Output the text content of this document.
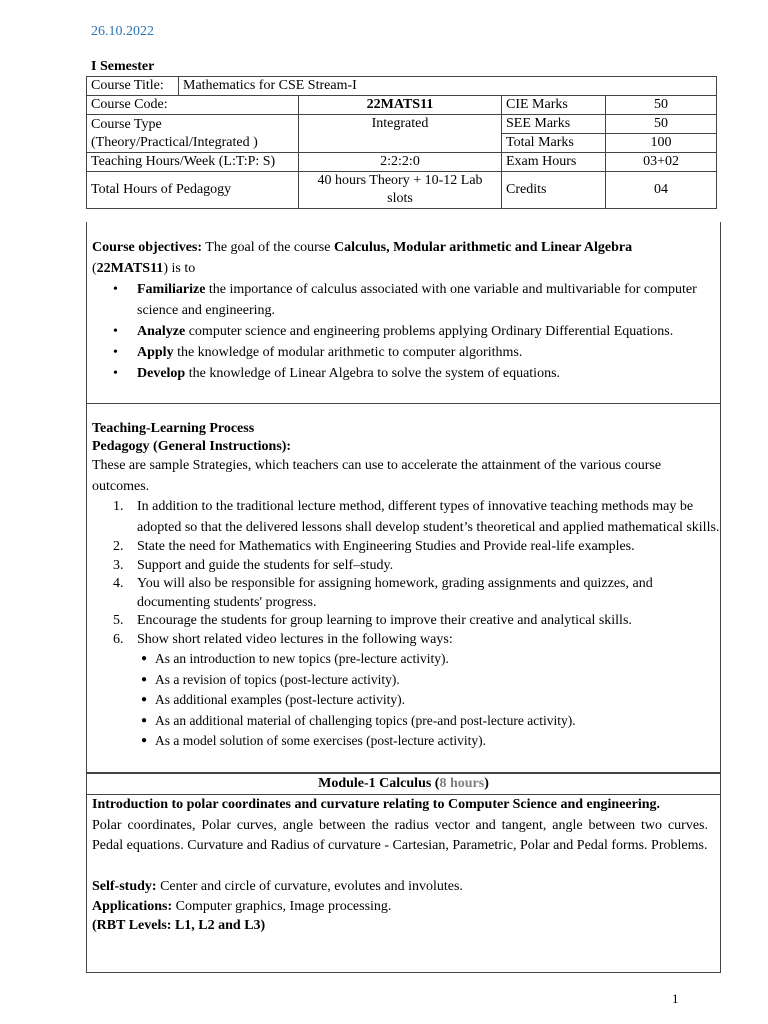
26.10.2022
I Semester
Course Title:	Mathematics for CSE Stream-I			
Course Code:		22MATS11	CIE Marks	50
Course Type (Theory/Practical/Integrated )		Integrated	SEE Marks	50
			Total Marks	100
Teaching Hours/Week (L:T:P: S)		2:2:2:0	Exam Hours	03+02
Total Hours of Pedagogy		40 hours Theory + 10-12 Lab slots	Credits	04

Course objectives: The goal of the course Calculus, Modular arithmetic and Linear Algebra
(22MATS11) is to

• Familiarize the importance of calculus associated with one variable and multivariable for computer science and engineering.
• Analyze computer science and engineering problems applying Ordinary Differential Equations.
• Apply the knowledge of modular arithmetic to computer algorithms.
• Develop the knowledge of Linear Algebra to solve the system of equations.

Teaching-Learning Process

Pedagogy (General Instructions):

These are sample Strategies, which teachers can use to accelerate the attainment of the various course outcomes.

1. In addition to the traditional lecture method, different types of innovative teaching methods may be adopted so that the delivered lessons shall develop student’s theoretical and applied mathematical skills.
2. State the need for Mathematics with Engineering Studies and Provide real-life examples.
3. Support and guide the students for self–study.
4. You will also be responsible for assigning homework, grading assignments and quizzes, and documenting students' progress.
5. Encourage the students for group learning to improve their creative and analytical skills.
6. Show short related video lectures in the following ways:
● As an introduction to new topics (pre-lecture activity).
● As a revision of topics (post-lecture activity).
● As additional examples (post-lecture activity).
● As an additional material of challenging topics (pre-and post-lecture activity).
● As a model solution of some exercises (post-lecture activity).
Module-1 Calculus (8 hours)

Introduction to polar coordinates and curvature relating to Computer Science and engineering.

Polar coordinates, Polar curves, angle between the radius vector and tangent, angle between two curves. Pedal equations. Curvature and Radius of curvature - Cartesian, Parametric, Polar and Pedal forms. Problems.

Self-study: Center and circle of curvature, evolutes and involutes.

Applications: Computer graphics, Image processing.

(RBT Levels: L1, L2 and L3)

1
